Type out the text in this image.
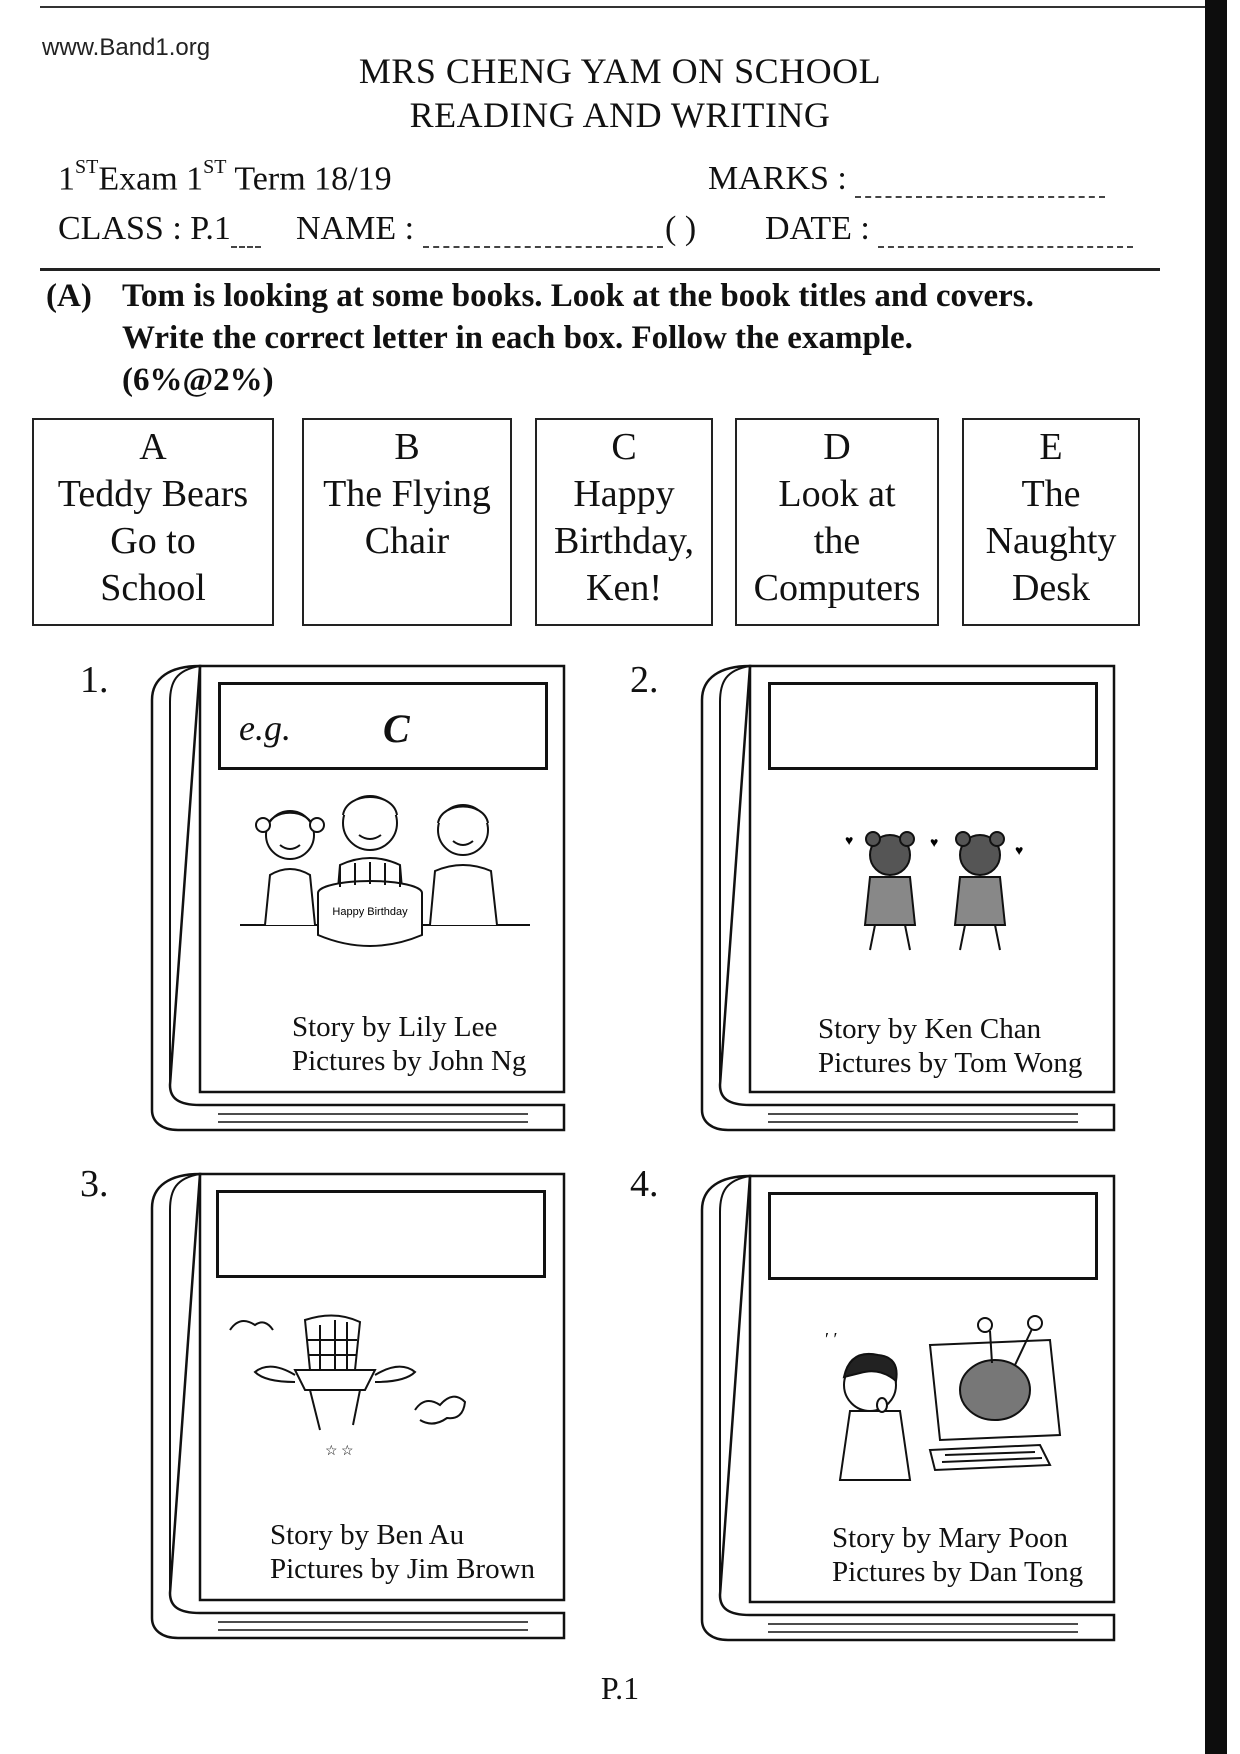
www.Band1.org
MRS CHENG YAM ON SCHOOL
READING AND WRITING
1STExam 1ST Term 18/19	MARKS :
CLASS : P.1	NAME :	( ) DATE :
(A) Tom is looking at some books. Look at the book titles and covers.
Write the correct letter in each box. Follow the example.
(6%@2%)
A
Teddy Bears
Go to
School
B
The Flying
Chair
C
Happy
Birthday,
Ken!
D
Look at
the
Computers
E
The
Naughty
Desk
1.	2.
3.	4.
e.g. C
Happy Birthday
Story by Lily Lee
Pictures by John Ng
♥	♥
♥
Story by Ken Chan
Pictures by Tom Wong
☆ ☆
Story by Ben Au
Pictures by Jim Brown
′ ′
Story by Mary Poon
Pictures by Dan Tong
P.1
